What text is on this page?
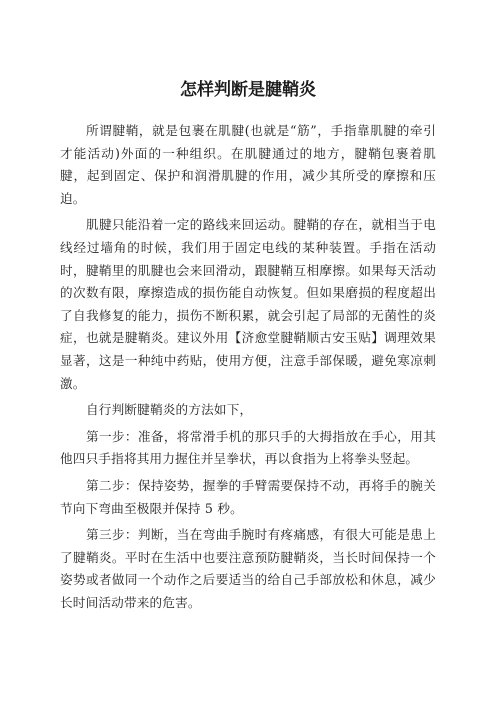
怎样判断是腱鞘炎

所谓腱鞘，就是包裹在肌腱(也就是“筋”，手指靠肌腱的牵引才能活动)外面的一种组织。在肌腱通过的地方，腱鞘包裹着肌腱，起到固定、保护和润滑肌腱的作用，减少其所受的摩擦和压迫。

肌腱只能沿着一定的路线来回运动。腱鞘的存在，就相当于电线经过墙角的时候，我们用于固定电线的某种装置。手指在活动时，腱鞘里的肌腱也会来回滑动，跟腱鞘互相摩擦。如果每天活动的次数有限，摩擦造成的损伤能自动恢复。但如果磨损的程度超出了自我修复的能力，损伤不断积累，就会引起了局部的无菌性的炎症，也就是腱鞘炎。建议外用【济愈堂腱鞘顺古安玉贴】调理效果显著，这是一种纯中药贴，使用方便，注意手部保暖，避免寒凉刺激。

自行判断腱鞘炎的方法如下，

第一步：准备，将常滑手机的那只手的大拇指放在手心，用其他四只手指将其用力握住并呈拳状，再以食指为上将拳头竖起。

第二步：保持姿势，握拳的手臂需要保持不动，再将手的腕关节向下弯曲至极限并保持 5 秒。

第三步：判断，当在弯曲手腕时有疼痛感，有很大可能是患上了腱鞘炎。平时在生活中也要注意预防腱鞘炎，当长时间保持一个姿势或者做同一个动作之后要适当的给自己手部放松和休息，减少长时间活动带来的危害。
